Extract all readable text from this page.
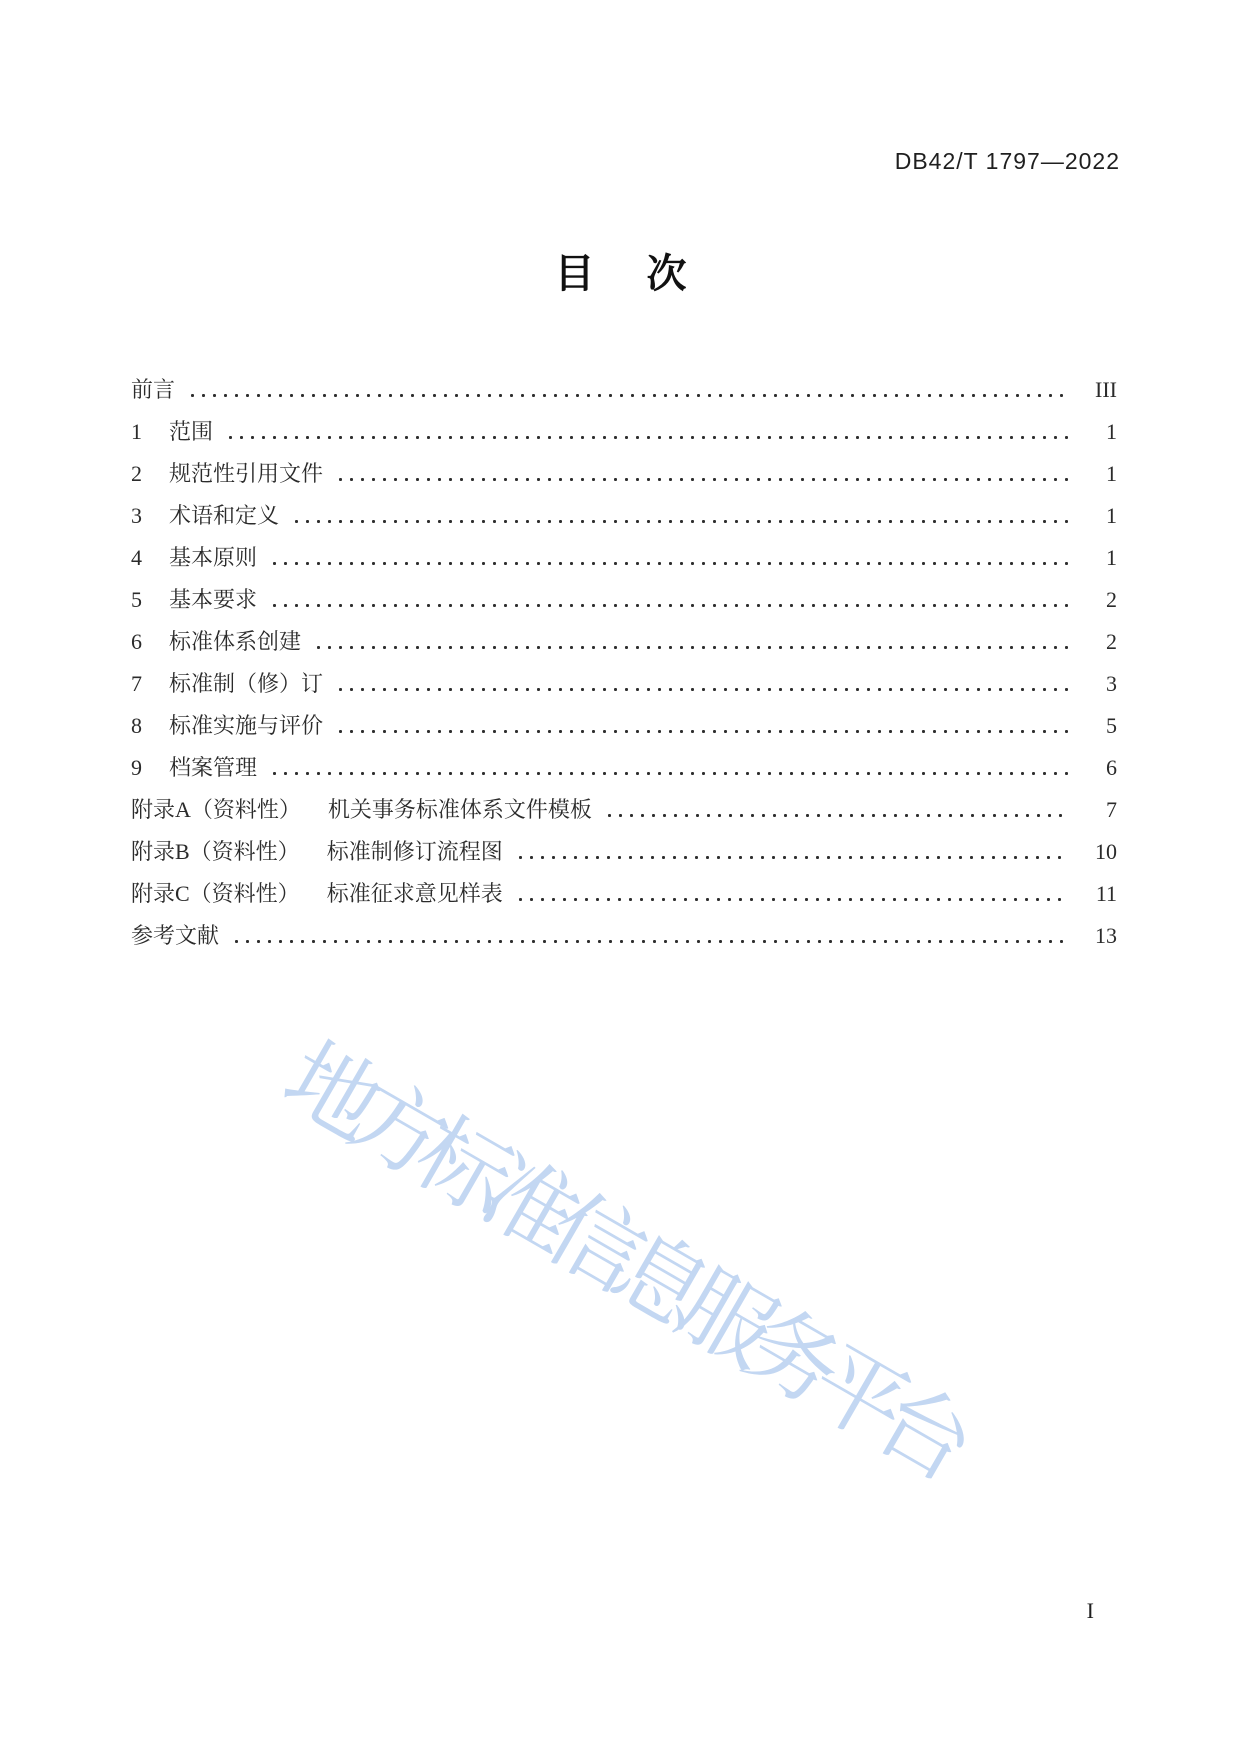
DB42/T 1797—2022
目次
前言	III
1 范围	1
2 规范性引用文件	1
3 术语和定义	1
4 基本原则	1
5 基本要求	2
6 标准体系创建	2
7 标准制（修）订	3
8 标准实施与评价	5
9 档案管理	6
附录A（资料性） 机关事务标准体系文件模板	7
附录B（资料性） 标准制修订流程图	10
附录C（资料性） 标准征求意见样表	11
参考文献	13
地方标准信息服务平台
I
